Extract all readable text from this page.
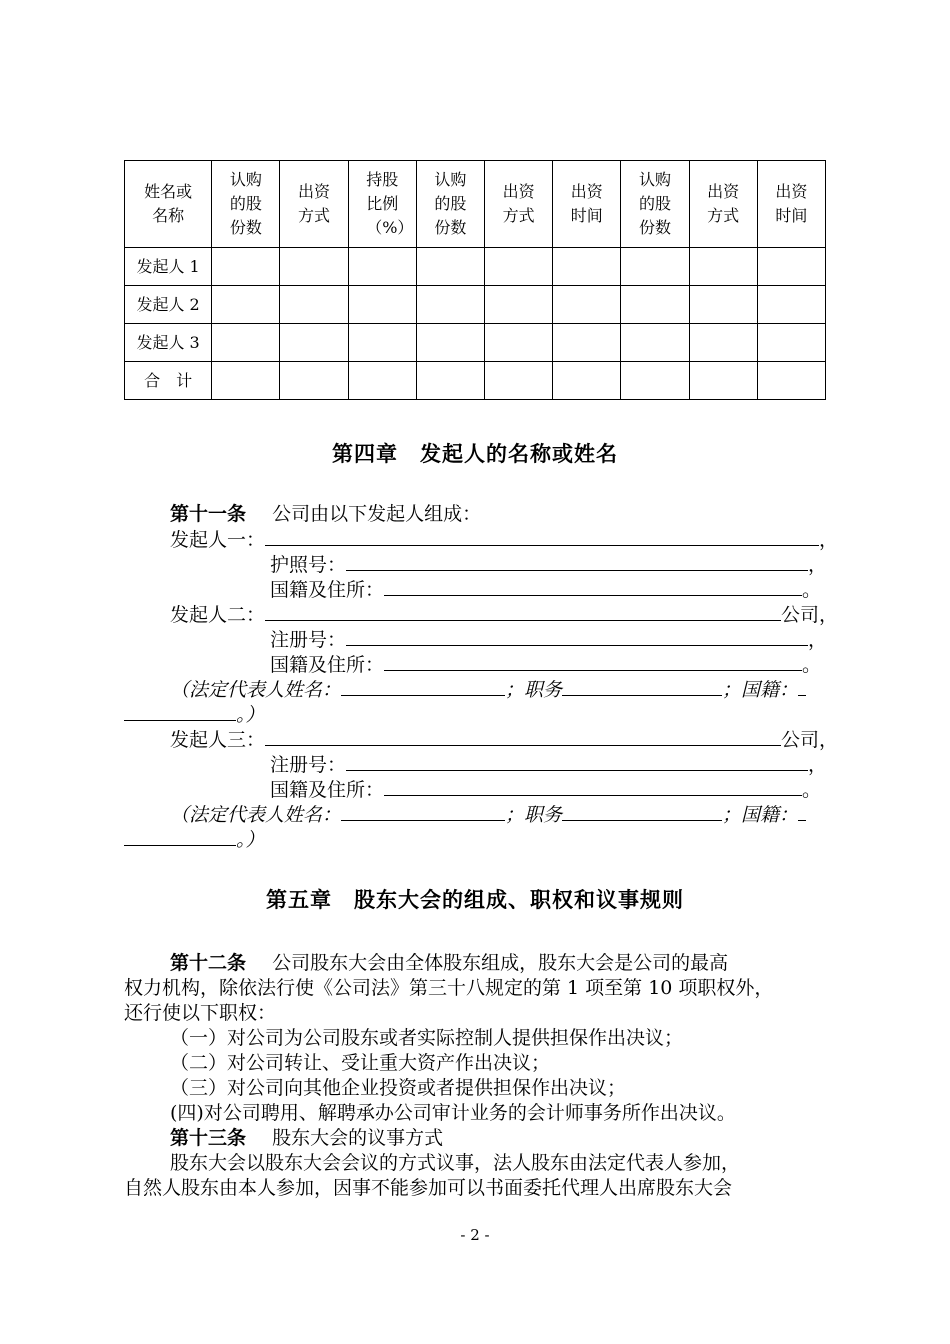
姓名或名称	认购的股份数	出资方式	持股比例（%）	认购的股份数	出资方式	出资时间	认购的股份数	出资方式	出资时间
发起人 1									
发起人 2									
发起人 3									
合　计									
第四章　发起人的名称或姓名
第十一条 公司由以下发起人组成：
发起人一：	，
护照号：	，
国籍及住所：	。
发起人二：	公司，
注册号：	，
国籍及住所：	。
（法定代表人姓名：	；职务	；国籍：
。）
发起人三：	公司，
注册号：	，
国籍及住所：	。
（法定代表人姓名：	；职务	；国籍：
。）
第五章　股东大会的组成、职权和议事规则
第十二条 公司股东大会由全体股东组成，股东大会是公司的最高
权力机构，除依法行使《公司法》第三十八规定的第 1 项至第 10 项职权外，
还行使以下职权：
（一）对公司为公司股东或者实际控制人提供担保作出决议；
（二）对公司转让、受让重大资产作出决议；
（三）对公司向其他企业投资或者提供担保作出决议；
(四)对公司聘用、解聘承办公司审计业务的会计师事务所作出决议。
第十三条 股东大会的议事方式
股东大会以股东大会会议的方式议事，法人股东由法定代表人参加，
自然人股东由本人参加，因事不能参加可以书面委托代理人出席股东大会
- 2 -
